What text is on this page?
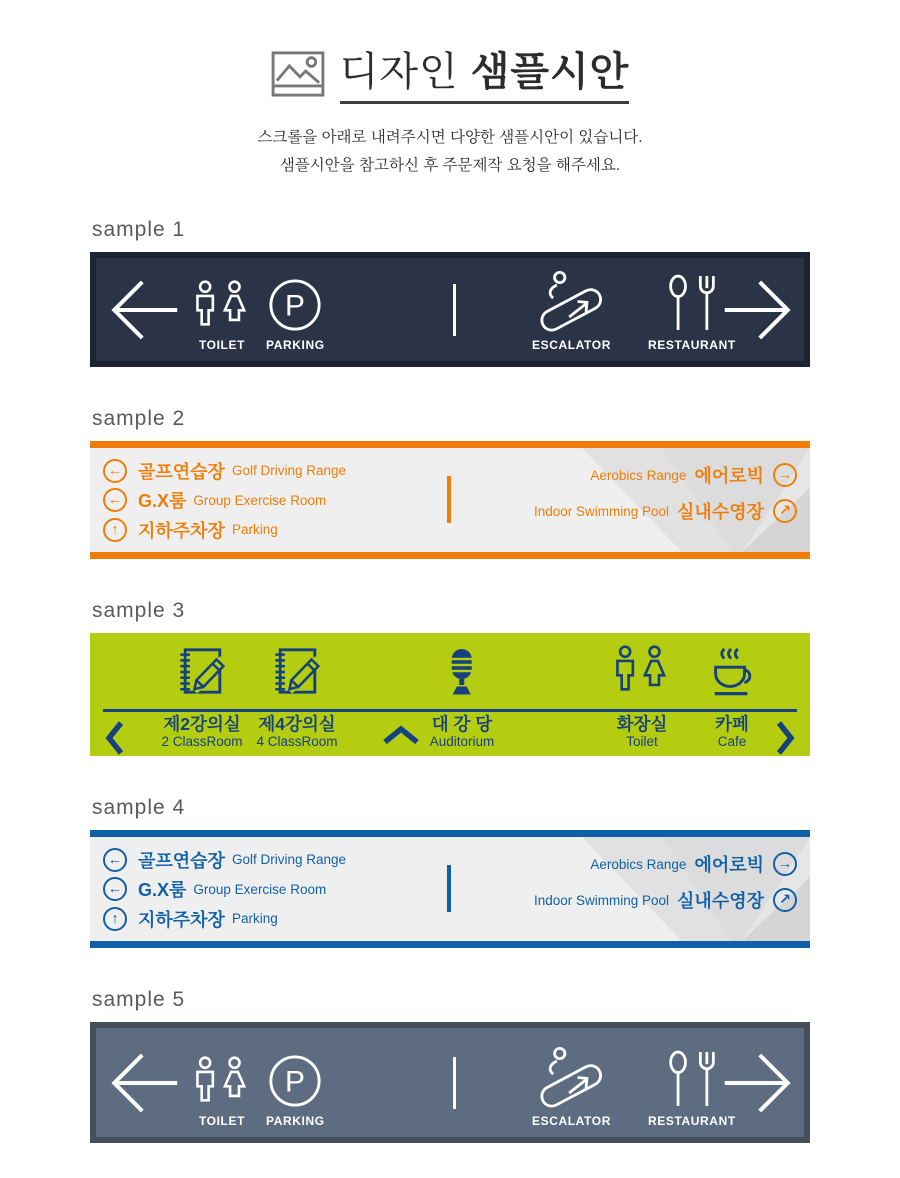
디자인 샘플시안
스크롤을 아래로 내려주시면 다양한 샘플시안이 있습니다.
샘플시안을 참고하신 후 주문제작 요청을 해주세요.
sample 1
TOILET
P
PARKING	ESCALATOR	RESTAURANT
sample 2
← 골프연습장 Golf Driving Range
← G.X룸 Group Exercise Room
↑	지하주차장 Parking
Aerobics Range 에어로빅 →
Indoor Swimming Pool 실내수영장	↗
sample 3
제2강의실
2 ClassRoom
제4강의실
4 ClassRoom
대 강 당
Auditorium
화장실
Toilet
카페
Cafe
sample 4
← 골프연습장 Golf Driving Range
← G.X룸 Group Exercise Room
↑	지하주차장 Parking
Aerobics Range 에어로빅 →
Indoor Swimming Pool 실내수영장	↗
sample 5
TOILET
P
PARKING	ESCALATOR	RESTAURANT
